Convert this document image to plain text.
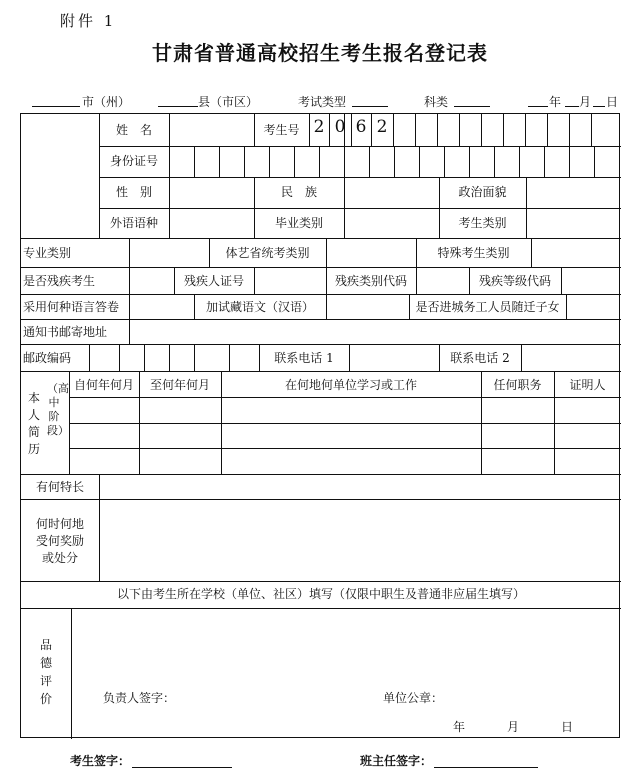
附件 1
甘肃省普通高校招生考生报名登记表
市（州）	县（市区）	考试类型	科类	年 月 日
姓　名	考生号 2 0 6 2
身份证号
性　别	民　族	政治面貌
外语语种	毕业类别	考生类别
专业类别	体艺省统考类别	特殊考生类别
是否残疾考生	残疾人证号	残疾类别代码	残疾等级代码
采用何种语言答卷	加试藏语文（汉语）	是否进城务工人员随迁子女
通知书邮寄地址
邮政编码	联系电话 1	联系电话 2
本人简历
（高中阶段）
自何年何月	至何年何月	在何地何单位学习或工作	任何职务	证明人
有何特长
何时何地
受何奖励
或处分
以下由考生所在学校（单位、社区）填写（仅限中职生及普通非应届生填写）
品德评价	负责人签字：	单位公章：
年	月	日
考生签字：	班主任签字：
